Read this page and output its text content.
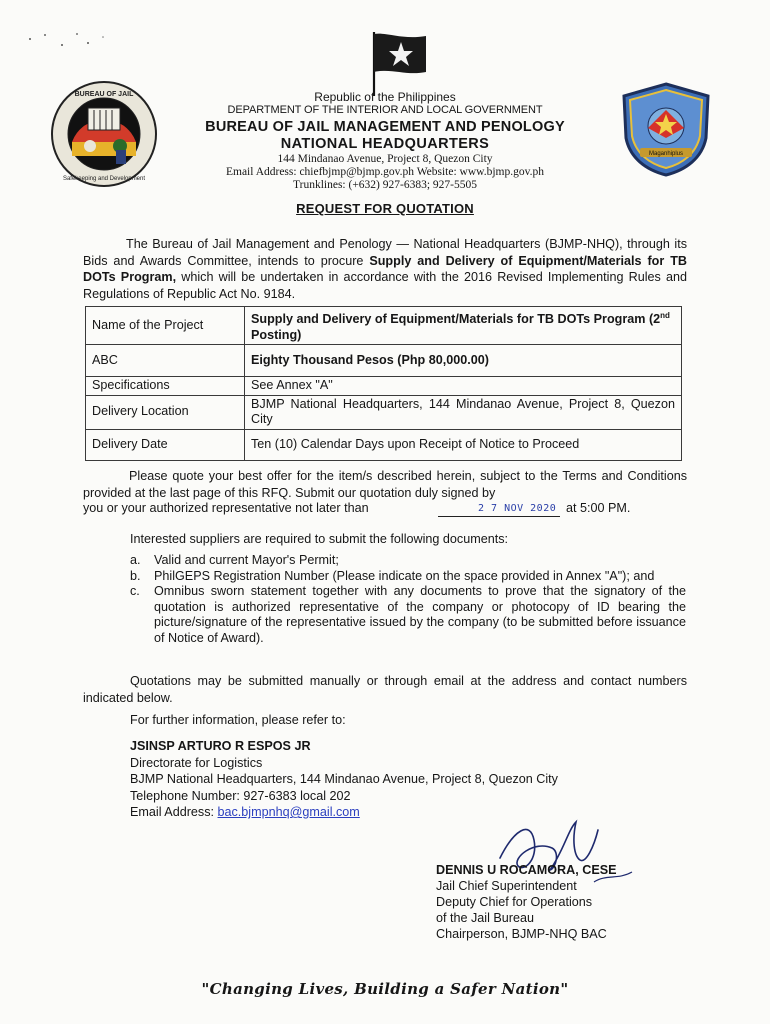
BUREAU OF JAIL
Safekeeping and Development
Maganhiplus
Republic of the Philippines
DEPARTMENT OF THE INTERIOR AND LOCAL GOVERNMENT
BUREAU OF JAIL MANAGEMENT AND PENOLOGY
NATIONAL HEADQUARTERS
144 Mindanao Avenue, Project 8, Quezon City
Email Address: chiefbjmp@bjmp.gov.ph Website: www.bjmp.gov.ph
Trunklines: (+632) 927-6383; 927-5505
REQUEST FOR QUOTATION
The Bureau of Jail Management and Penology — National Headquarters (BJMP-NHQ), through its Bids and Awards Committee, intends to procure Supply and Delivery of Equipment/Materials for TB DOTs Program, which will be undertaken in accordance with the 2016 Revised Implementing Rules and Regulations of Republic Act No. 9184.
Name of the Project	Supply and Delivery of Equipment/Materials for TB DOTs Program (2nd Posting)
ABC	Eighty Thousand Pesos (Php 80,000.00)
Specifications	See Annex "A"
Delivery Location	BJMP National Headquarters, 144 Mindanao Avenue, Project 8, Quezon City
Delivery Date	Ten (10) Calendar Days upon Receipt of Notice to Proceed
Please quote your best offer for the item/s described herein, subject to the Terms and Conditions provided at the last page of this RFQ. Submit our quotation duly signed by
you or your authorized representative not later than	at 5:00 PM.
2 7 NOV 2020
Interested suppliers are required to submit the following documents:
a. Valid and current Mayor's Permit;
b. PhilGEPS Registration Number (Please indicate on the space provided in Annex "A"); and
c. Omnibus sworn statement together with any documents to prove that the signatory of the quotation is authorized representative of the company or photocopy of ID bearing the picture/signature of the representative issued by the company (to be submitted before issuance of Notice of Award).
Quotations may be submitted manually or through email at the address and contact numbers indicated below.
For further information, please refer to:
JSINSP ARTURO R ESPOS JR
Directorate for Logistics
BJMP National Headquarters, 144 Mindanao Avenue, Project 8, Quezon City
Telephone Number: 927-6383 local 202
Email Address: bac.bjmpnhq@gmail.com
DENNIS U ROCAMORA, CESE
Jail Chief Superintendent
Deputy Chief for Operations
of the Jail Bureau
Chairperson, BJMP-NHQ BAC
"Changing Lives, Building a Safer Nation"
